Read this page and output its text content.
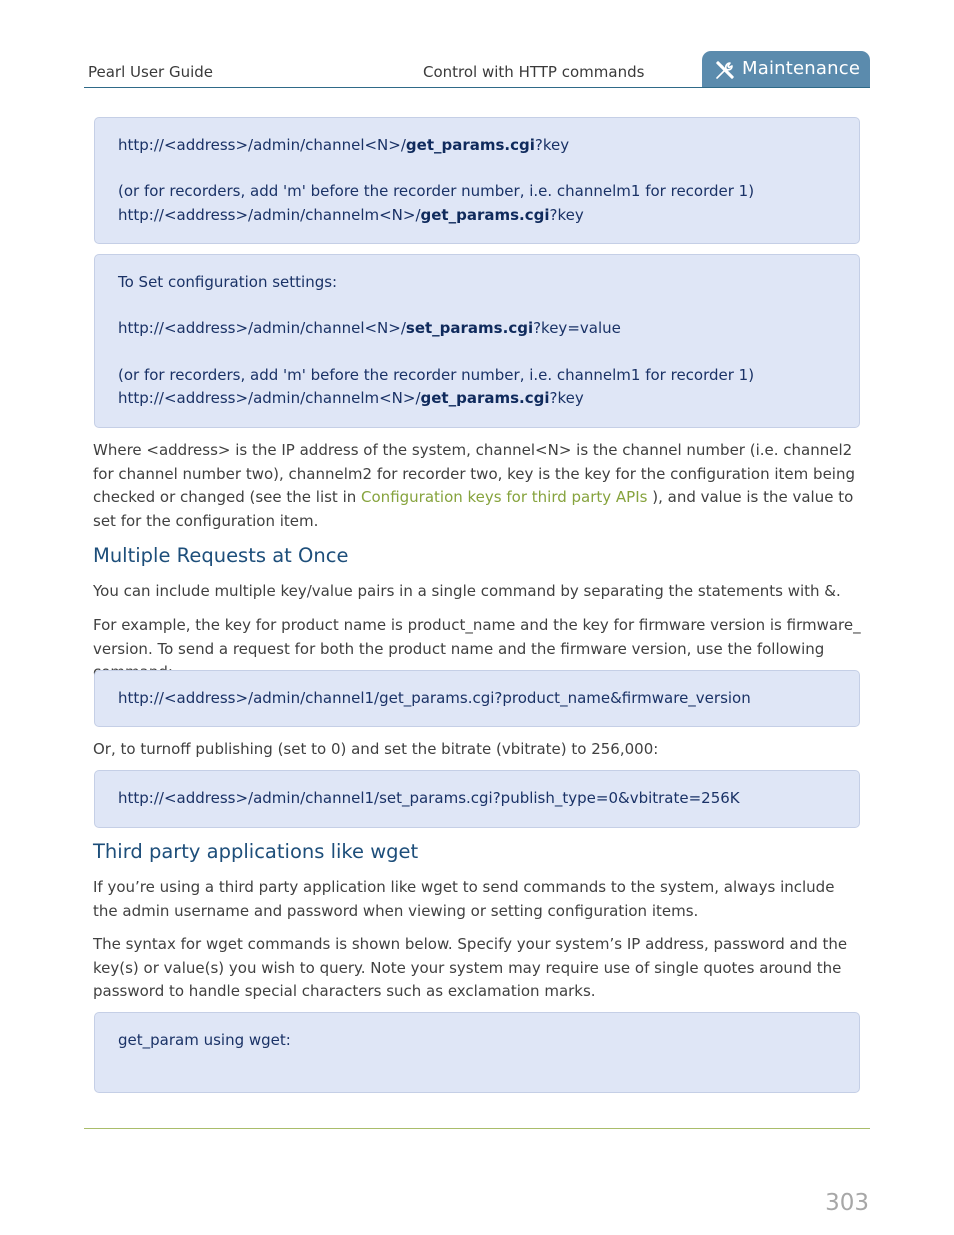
Pearl User Guide	Control with HTTP commands	Maintenance

http://<address>/admin/channel<N>/get_params.cgi?key

(or for recorders, add 'm' before the recorder number, i.e. channelm1 for recorder 1)

http://<address>/admin/channelm<N>/get_params.cgi?key

To Set configuration settings:

http://<address>/admin/channel<N>/set_params.cgi?key=value

(or for recorders, add 'm' before the recorder number, i.e. channelm1 for recorder 1)

http://<address>/admin/channelm<N>/get_params.cgi?key

Where <address> is the IP address of the system, channel<N> is the channel number (i.e. channel2 for channel number two), channelm2 for recorder two, key is the key for the configuration item being checked or changed (see the list in Configuration keys for third party APIs ), and value is the value to set for the configuration item.
Multiple Requests at Once
You can include multiple key/value pairs in a single command by separating the statements with &.
For example, the key for product name is product_name and the key for firmware version is firmware_ version. To send a request for both the product name and the firmware version, use the following

http://<address>/admin/channel1/get_params.cgi?product_name&firmware_version

Or, to turnoff publishing (set to 0) and set the bitrate (vbitrate) to 256,000:

http://<address>/admin/channel1/set_params.cgi?publish_type=0&vbitrate=256K

Third party applications like wget
If you’re using a third party application like wget to send commands to the system, always include the admin username and password when viewing or setting configuration items.
The syntax for wget commands is shown below. Specify your system’s IP address, password and the key(s) or value(s) you wish to query. Note your system may require use of single quotes around the password to handle special characters such as exclamation marks.

get_param using wget:

303
